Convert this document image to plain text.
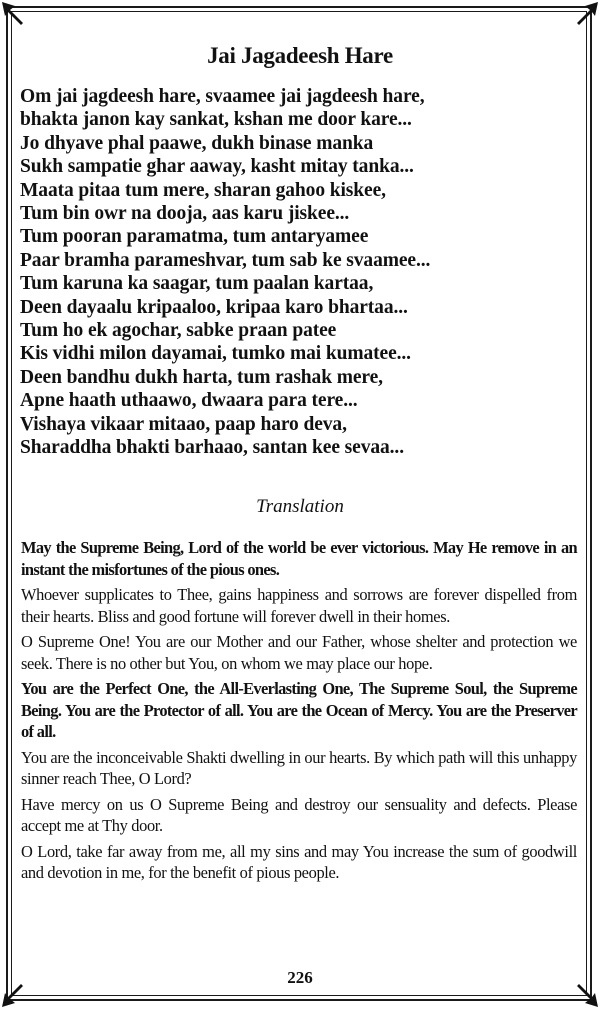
Jai Jagadeesh Hare
Om jai jagdeesh hare, svaamee jai jagdeesh hare,
bhakta janon kay sankat, kshan me door kare...
Jo dhyave phal paawe, dukh binase manka
Sukh sampatie ghar aaway, kasht mitay tanka...
Maata pitaa tum mere, sharan gahoo kiskee,
Tum bin owr na dooja, aas karu jiskee...
Tum pooran paramatma, tum antaryamee
Paar bramha parameshvar, tum sab ke svaamee...
Tum karuna ka saagar, tum paalan kartaa,
Deen dayaalu kripaaloo, kripaa karo bhartaa...
Tum ho ek agochar, sabke praan patee
Kis vidhi milon dayamai, tumko mai kumatee...
Deen bandhu dukh harta, tum rashak mere,
Apne haath uthaawo, dwaara para tere...
Vishaya vikaar mitaao, paap haro deva,
Sharaddha bhakti barhaao, santan kee sevaa...
Translation

May the Supreme Being, Lord of the world be ever victorious. May He remove in an instant the misfortunes of the pious ones.

Whoever supplicates to Thee, gains happiness and sorrows are forever dispelled from their hearts. Bliss and good fortune will forever dwell in their homes.

O Supreme One! You are our Mother and our Father, whose shelter and protection we seek. There is no other but You, on whom we may place our hope.

You are the Perfect One, the All-Everlasting One, The Supreme Soul, the Supreme Being. You are the Protector of all. You are the Ocean of Mercy. You are the Preserver of all.

You are the inconceivable Shakti dwelling in our hearts. By which path will this unhappy sinner reach Thee, O Lord?

Have mercy on us O Supreme Being and destroy our sensuality and defects. Please accept me at Thy door.

O Lord, take far away from me, all my sins and may You increase the sum of goodwill and devotion in me, for the benefit of pious people.

226
